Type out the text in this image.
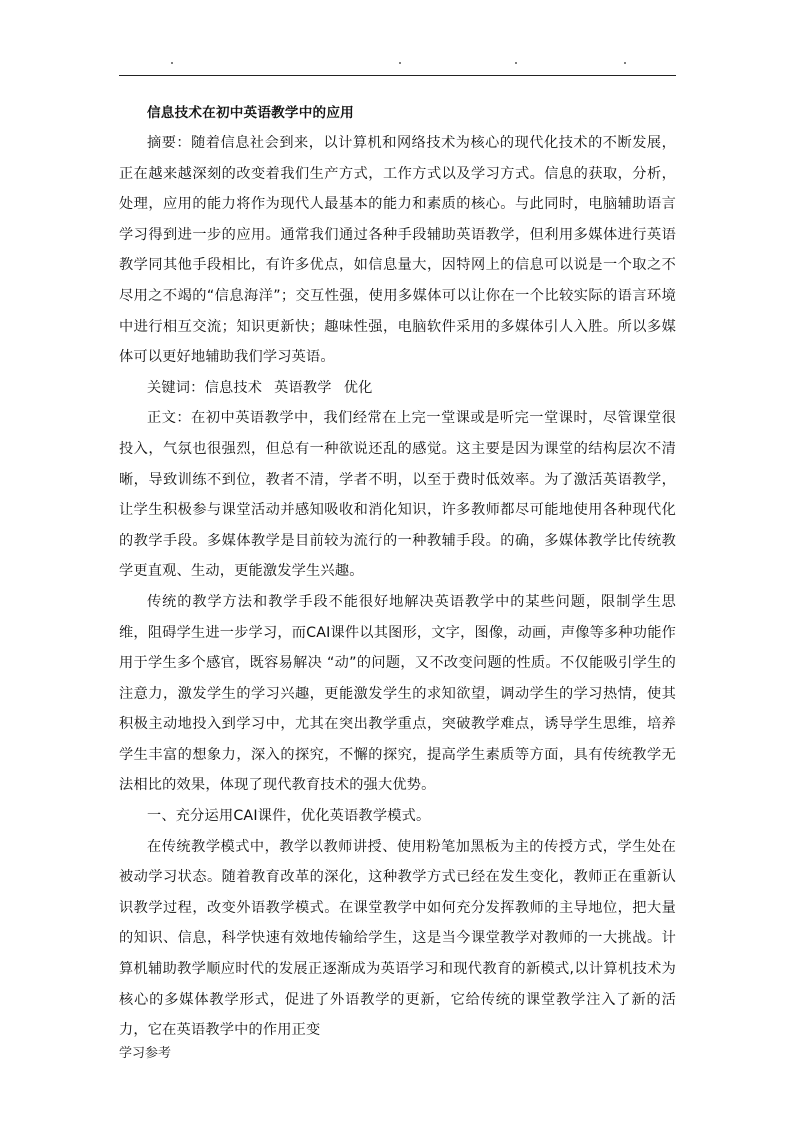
信息技术在初中英语教学中的应用

摘要：随着信息社会到来，以计算机和网络技术为核心的现代化技术的不断发展，正在越来越深刻的改变着我们生产方式，工作方式以及学习方式。信息的获取，分析，处理，应用的能力将作为现代人最基本的能力和素质的核心。与此同时，电脑辅助语言学习得到进一步的应用。通常我们通过各种手段辅助英语教学，但利用多媒体进行英语教学同其他手段相比，有许多优点，如信息量大，因特网上的信息可以说是一个取之不尽用之不竭的“信息海洋”；交互性强，使用多媒体可以让你在一个比较实际的语言环境中进行相互交流；知识更新快；趣味性强，电脑软件采用的多媒体引人入胜。所以多媒体可以更好地辅助我们学习英语。

关键词：信息技术 英语教学 优化

正文：在初中英语教学中，我们经常在上完一堂课或是听完一堂课时，尽管课堂很投入，气氛也很强烈，但总有一种欲说还乱的感觉。这主要是因为课堂的结构层次不清晰，导致训练不到位，教者不清，学者不明，以至于费时低效率。为了激活英语教学，让学生积极参与课堂活动并感知吸收和消化知识，许多教师都尽可能地使用各种现代化的教学手段。多媒体教学是目前较为流行的一种教辅手段。的确，多媒体教学比传统教学更直观、生动，更能激发学生兴趣。

传统的教学方法和教学手段不能很好地解决英语教学中的某些问题，限制学生思维，阻碍学生进一步学习，而CAI课件以其图形，文字，图像，动画，声像等多种功能作用于学生多个感官，既容易解决 “动”的问题，又不改变问题的性质。不仅能吸引学生的注意力，激发学生的学习兴趣，更能激发学生的求知欲望，调动学生的学习热情，使其积极主动地投入到学习中，尤其在突出教学重点，突破教学难点，诱导学生思维，培养学生丰富的想象力，深入的探究，不懈的探究，提高学生素质等方面，具有传统教学无法相比的效果，体现了现代教育技术的强大优势。

一、充分运用CAI课件，优化英语教学模式。

在传统教学模式中，教学以教师讲授、使用粉笔加黑板为主的传授方式，学生处在被动学习状态。随着教育改革的深化，这种教学方式已经在发生变化，教师正在重新认识教学过程，改变外语教学模式。在课堂教学中如何充分发挥教师的主导地位，把大量的知识、信息，科学快速有效地传输给学生，这是当今课堂教学对教师的一大挑战。计算机辅助教学顺应时代的发展正逐渐成为英语学习和现代教育的新模式,以计算机技术为核心的多媒体教学形式，促进了外语教学的更新，它给传统的课堂教学注入了新的活力，它在英语教学中的作用正变

学习参考
